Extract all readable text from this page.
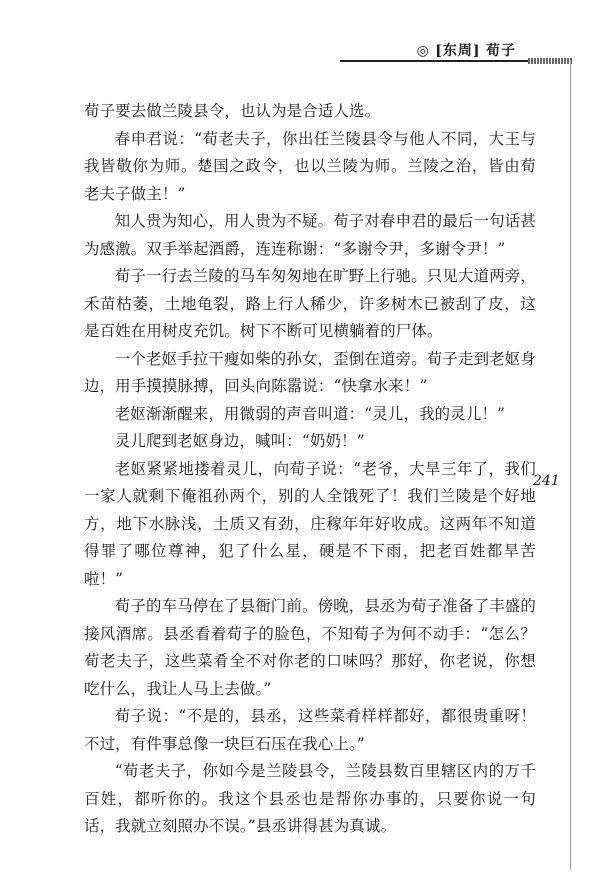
◎ [东周] 荀子
241

荀子要去做兰陵县令，也认为是合适人选。

春申君说：“荀老夫子，你出任兰陵县令与他人不同，大王与我皆敬你为师。楚国之政令，也以兰陵为师。兰陵之治，皆由荀老夫子做主！”

知人贵为知心，用人贵为不疑。荀子对春申君的最后一句话甚为感激。双手举起酒爵，连连称谢：“多谢令尹，多谢令尹！”

荀子一行去兰陵的马车匆匆地在旷野上行驰。只见大道两旁，禾苗枯萎，土地龟裂，路上行人稀少，许多树木已被刮了皮，这是百姓在用树皮充饥。树下不断可见横躺着的尸体。

一个老妪手拉干瘦如柴的孙女，歪倒在道旁。荀子走到老妪身边，用手摸摸脉搏，回头向陈嚣说：“快拿水来！”

老妪渐渐醒来，用微弱的声音叫道：“灵儿，我的灵儿！”

灵儿爬到老妪身边，喊叫：“奶奶！”

老妪紧紧地搂着灵儿，向荀子说：“老爷，大旱三年了，我们一家人就剩下俺祖孙两个，别的人全饿死了！我们兰陵是个好地方，地下水脉浅，土质又有劲，庄稼年年好收成。这两年不知道得罪了哪位尊神，犯了什么星，硬是不下雨，把老百姓都旱苦啦！”

荀子的车马停在了县衙门前。傍晚，县丞为荀子准备了丰盛的接风酒席。县丞看着荀子的脸色，不知荀子为何不动手：“怎么？荀老夫子，这些菜肴全不对你老的口味吗？那好，你老说，你想吃什么，我让人马上去做。”

荀子说：“不是的，县丞，这些菜肴样样都好，都很贵重呀！不过，有件事总像一块巨石压在我心上。”

“荀老夫子，你如今是兰陵县令，兰陵县数百里辖区内的万千百姓，都听你的。我这个县丞也是帮你办事的，只要你说一句话，我就立刻照办不误。”县丞讲得甚为真诚。
